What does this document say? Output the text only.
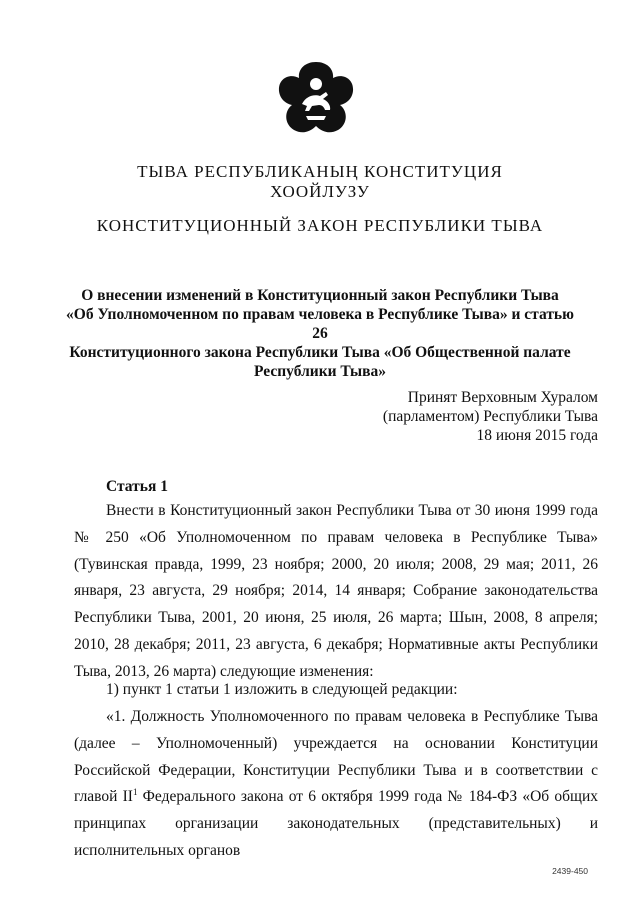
ТЫВА РЕСПУБЛИКАНЫҢ КОНСТИТУЦИЯ
ХООЙЛУЗУ
КОНСТИТУЦИОННЫЙ ЗАКОН РЕСПУБЛИКИ ТЫВА
О внесении изменений в Конституционный закон Республики Тыва
«Об Уполномоченном по правам человека в Республике Тыва» и статью 26
Конституционного закона Республики Тыва «Об Общественной палате
Республики Тыва»
Принят Верховным Хуралом
(парламентом) Республики Тыва
18 июня 2015 года
Статья 1

Внести в Конституционный закон Республики Тыва от 30 июня 1999 года № 250 «Об Уполномоченном по правам человека в Республике Тыва» (Тувинская правда, 1999, 23 ноября; 2000, 20 июля; 2008, 29 мая; 2011, 26 января, 23 августа, 29 ноября; 2014, 14 января; Собрание законодательства Республики Тыва, 2001, 20 июня, 25 июля, 26 марта; Шын, 2008, 8 апреля; 2010, 28 декабря; 2011, 23 августа, 6 декабря; Нормативные акты Республики Тыва, 2013, 26 марта) следующие изменения:

1) пункт 1 статьи 1 изложить в следующей редакции:

«1. Должность Уполномоченного по правам человека в Республике Тыва (далее – Уполномоченный) учреждается на основании Конституции Российской Федерации, Конституции Республики Тыва и в соответствии с главой $II^1$ Федерального закона от 6 октября 1999 года № 184-ФЗ «Об общих принципах организации законодательных (представительных) и исполнительных органов

2439-450
